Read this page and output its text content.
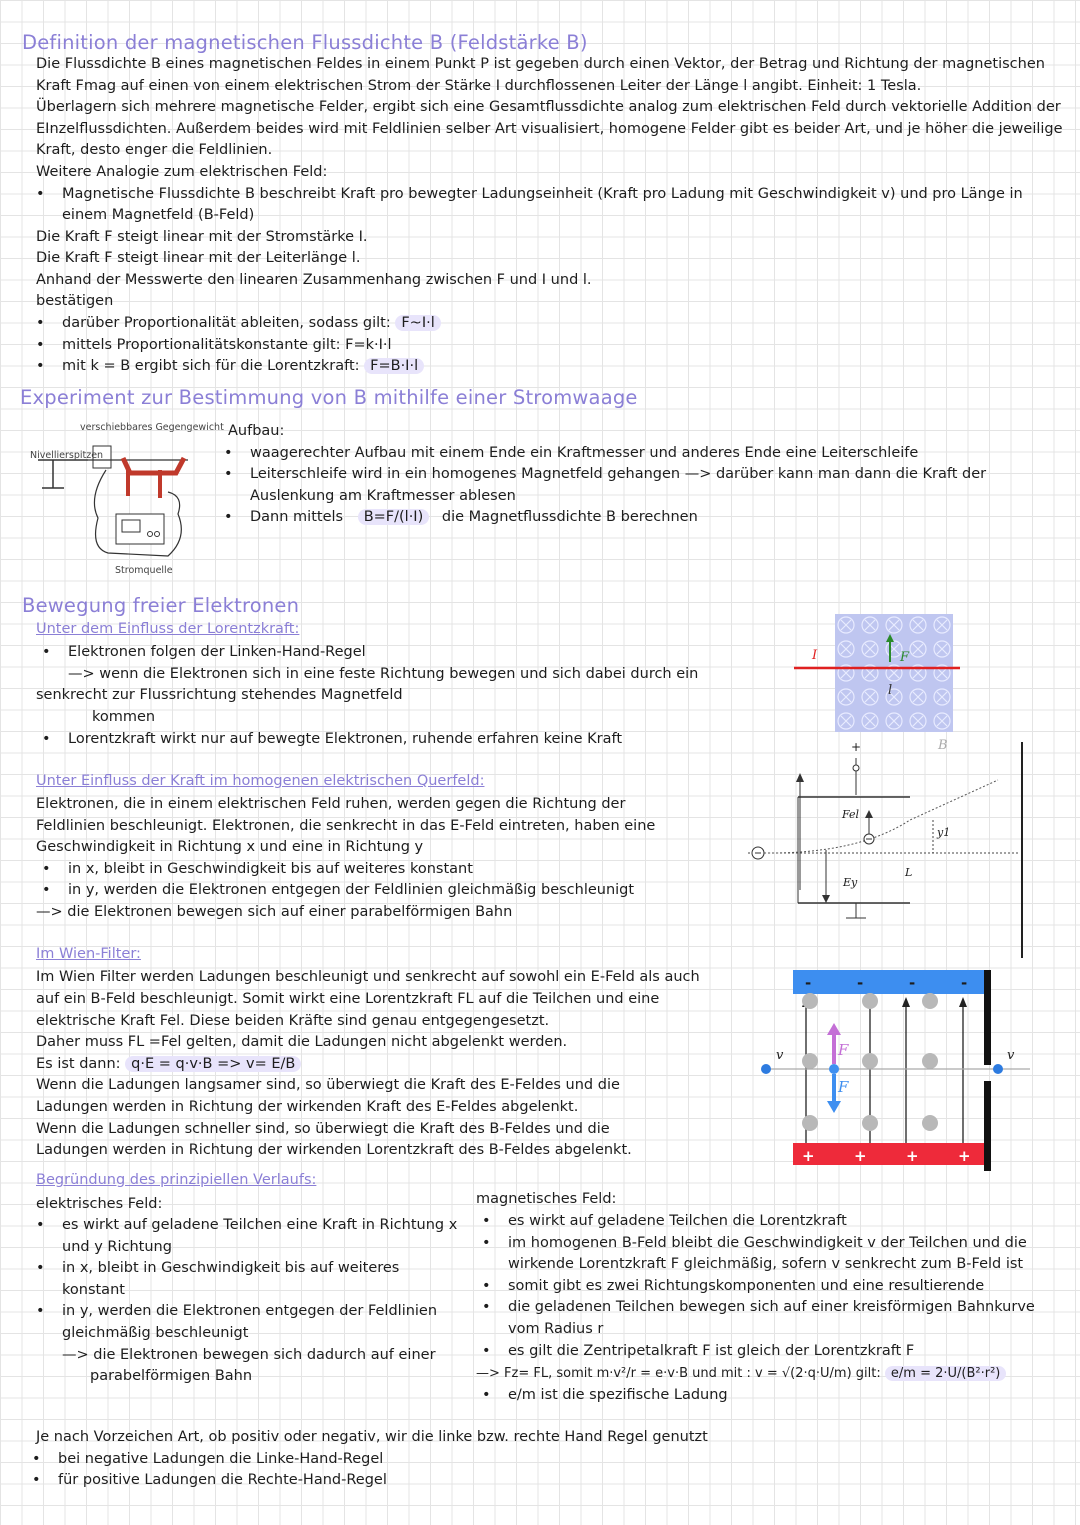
Definition der magnetischen Flussdichte B (Feldstärke B)
Die Flussdichte B eines magnetischen Feldes in einem Punkt P ist gegeben durch einen Vektor, der Betrag und Richtung der magnetischen
Kraft Fmag auf einen von einem elektrischen Strom der Stärke I durchflossenen Leiter der Länge l angibt. Einheit: 1 Tesla.
Überlagern sich mehrere magnetische Felder, ergibt sich eine Gesamtflussdichte analog zum elektrischen Feld durch vektorielle Addition der
EInzelflussdichten. Außerdem beides wird mit Feldlinien selber Art visualisiert, homogene Felder gibt es beider Art, und je höher die jeweilige
Kraft, desto enger die Feldlinien.
Weitere Analogie zum elektrischen Feld:
• Magnetische Flussdichte B beschreibt Kraft pro bewegter Ladungseinheit (Kraft pro Ladung mit Geschwindigkeit v) und pro Länge in
einem Magnetfeld (B-Feld)
Die Kraft F steigt linear mit der Stromstärke I.
Die Kraft F steigt linear mit der Leiterlänge l.
Anhand der Messwerte den linearen Zusammenhang zwischen F und I und l.
bestätigen
• darüber Proportionalität ableiten, sodass gilt: F~I·l
• mittels Proportionalitätskonstante gilt: F=k·I·l
• mit k = B ergibt sich für die Lorentzkraft: F=B·I·l
Experiment zur Bestimmung von B mithilfe einer Stromwaage
verschiebbares Gegengewicht
Nivellierspitzen
Stromquelle
Aufbau:
• waagerechter Aufbau mit einem Ende ein Kraftmesser und anderes Ende eine Leiterschleife
• Leiterschleife wird in ein homogenes Magnetfeld gehangen —> darüber kann man dann die Kraft der
Auslenkung am Kraftmesser ablesen
• Dann mittels B=F/(l·I) die Magnetflussdichte B berechnen
Bewegung freier Elektronen
Unter dem Einfluss der Lorentzkraft:
• Elektronen folgen der Linken-Hand-Regel
—> wenn die Elektronen sich in eine feste Richtung bewegen und sich dabei durch ein
senkrecht zur Flussrichtung stehendes Magnetfeld
kommen
• Lorentzkraft wirkt nur auf bewegte Elektronen, ruhende erfahren keine Kraft
I	F
l
B
Unter Einfluss der Kraft im homogenen elektrischen Querfeld:
Elektronen, die in einem elektrischen Feld ruhen, werden gegen die Richtung der
Feldlinien beschleunigt. Elektronen, die senkrecht in das E-Feld eintreten, haben eine
Geschwindigkeit in Richtung x und eine in Richtung y
• in x, bleibt in Geschwindigkeit bis auf weiteres konstant
• in y, werden die Elektronen entgegen der Feldlinien gleichmäßig beschleunigt
—> die Elektronen bewegen sich auf einer parabelförmigen Bahn
+
Fel
Ey
L
y1
Im Wien-Filter:
Im Wien Filter werden Ladungen beschleunigt und senkrecht auf sowohl ein E-Feld als auch
auf ein B-Feld beschleunigt. Somit wirkt eine Lorentzkraft FL auf die Teilchen und eine
elektrische Kraft Fel. Diese beiden Kräfte sind genau entgegengesetzt.
Daher muss FL =Fel gelten, damit die Ladungen nicht abgelenkt werden.
Es ist dann: q·E = q·v·B => v= E/B
Wenn die Ladungen langsamer sind, so überwiegt die Kraft des E-Feldes und die
Ladungen werden in Richtung der wirkenden Kraft des E-Feldes abgelenkt.
Wenn die Ladungen schneller sind, so überwiegt die Kraft des B-Feldes und die
Ladungen werden in Richtung der wirkenden Lorentzkraft des B-Feldes abgelenkt.
-	-	-	-
+	+	+	+
v	v
F
F
Begründung des prinzipiellen Verlaufs:
elektrisches Feld:
• es wirkt auf geladene Teilchen eine Kraft in Richtung x
und y Richtung
• in x, bleibt in Geschwindigkeit bis auf weiteres
konstant
• in y, werden die Elektronen entgegen der Feldlinien
gleichmäßig beschleunigt
—> die Elektronen bewegen sich dadurch auf einer
parabelförmigen Bahn
magnetisches Feld:
• es wirkt auf geladene Teilchen die Lorentzkraft
• im homogenen B-Feld bleibt die Geschwindigkeit v der Teilchen und die
wirkende Lorentzkraft F gleichmäßig, sofern v senkrecht zum B-Feld ist
• somit gibt es zwei Richtungskomponenten und eine resultierende
• die geladenen Teilchen bewegen sich auf einer kreisförmigen Bahnkurve
vom Radius r
• es gilt die Zentripetalkraft F ist gleich der Lorentzkraft F
—> Fz= FL, somit m·v²/r = e·v·B und mit : v = √(2·q·U/m) gilt: e/m = 2·U/(B²·r²)
• e/m ist die spezifische Ladung
Je nach Vorzeichen Art, ob positiv oder negativ, wir die linke bzw. rechte Hand Regel genutzt
• bei negative Ladungen die Linke-Hand-Regel
• für positive Ladungen die Rechte-Hand-Regel
